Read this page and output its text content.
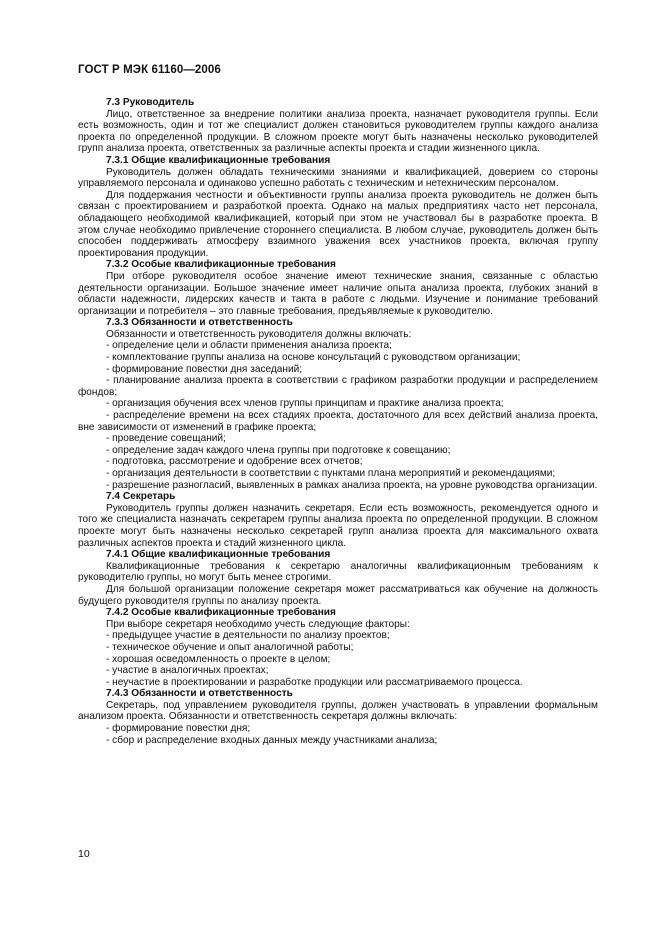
ГОСТ Р МЭК 61160—2006

7.3 Руководитель

Лицо, ответственное за внедрение политики анализа проекта, назначает руководителя группы. Если есть возможность, один и тот же специалист должен становиться руководителем группы каждого анализа проекта по определенной продукции. В сложном проекте могут быть назначены несколько руководителей групп анализа проекта, ответственных за различные аспекты проекта и стадии жизненного цикла.

7.3.1 Общие квалификационные требования

Руководитель должен обладать техническими знаниями и квалификацией, доверием со стороны управляемого персонала и одинаково успешно работать с техническим и нетехническим персоналом.

Для поддержания честности и объективности группы анализа проекта руководитель не должен быть связан с проектированием и разработкой проекта. Однако на малых предприятиях часто нет персонала, обладающего необходимой квалификацией, который при этом не участвовал бы в разработке проекта. В этом случае необходимо привлечение стороннего специалиста. В любом случае, руководитель должен быть способен поддерживать атмосферу взаимного уважения всех участников проекта, включая группу проектирования продукции.

7.3.2 Особые квалификационные требования

При отборе руководителя особое значение имеют технические знания, связанные с областью деятельности организации. Большое значение имеет наличие опыта анализа проекта, глубоких знаний в области надежности, лидерских качеств и такта в работе с людьми. Изучение и понимание требований организации и потребителя – это главные требования, предъявляемые к руководителю.

7.3.3 Обязанности и ответственность

Обязанности и ответственность руководителя должны включать:

- определение цели и области применения анализа проекта;

- комплектование группы анализа на основе консультаций с руководством организации;

- формирование повестки дня заседаний;

- планирование анализа проекта в соответствии с графиком разработки продукции и распределением фондов;

- организация обучения всех членов группы принципам и практике анализа проекта;

- распределение времени на всех стадиях проекта, достаточного для всех действий анализа проекта, вне зависимости от изменений в графике проекта;

- проведение совещаний;

- определение задач каждого члена группы при подготовке к совещанию;

- подготовка, рассмотрение и одобрение всех отчетов;

- организация деятельности в соответствии с пунктами плана мероприятий и рекомендациями;

- разрешение разногласий, выявленных в рамках анализа проекта, на уровне руководства организации.

7.4 Секретарь

Руководитель группы должен назначить секретаря. Если есть возможность, рекомендуется одного и того же специалиста назначать секретарем группы анализа проекта по определенной продукции. В сложном проекте могут быть назначены несколько секретарей групп анализа проекта для максимального охвата различных аспектов проекта и стадий жизненного цикла.

7.4.1 Общие квалификационные требования

Квалификационные требования к секретарю аналогичны квалификационным требованиям к руководителю группы, но могут быть менее строгими.

Для большой организации положение секретаря может рассматриваться как обучение на должность будущего руководителя группы по анализу проекта.

7.4.2 Особые квалификационные требования

При выборе секретаря необходимо учесть следующие факторы:

- предыдущее участие в деятельности по анализу проектов;

- техническое обучение и опыт аналогичной работы;

- хорошая осведомленность о проекте в целом;

- участие в аналогичных проектах;

- неучастие в проектировании и разработке продукции или рассматриваемого процесса.

7.4.3 Обязанности и ответственность

Секретарь, под управлением руководителя группы, должен участвовать в управлении формальным анализом проекта. Обязанности и ответственность секретаря должны включать:

- формирование повестки дня;

- сбор и распределение входных данных между участниками анализа;

10
